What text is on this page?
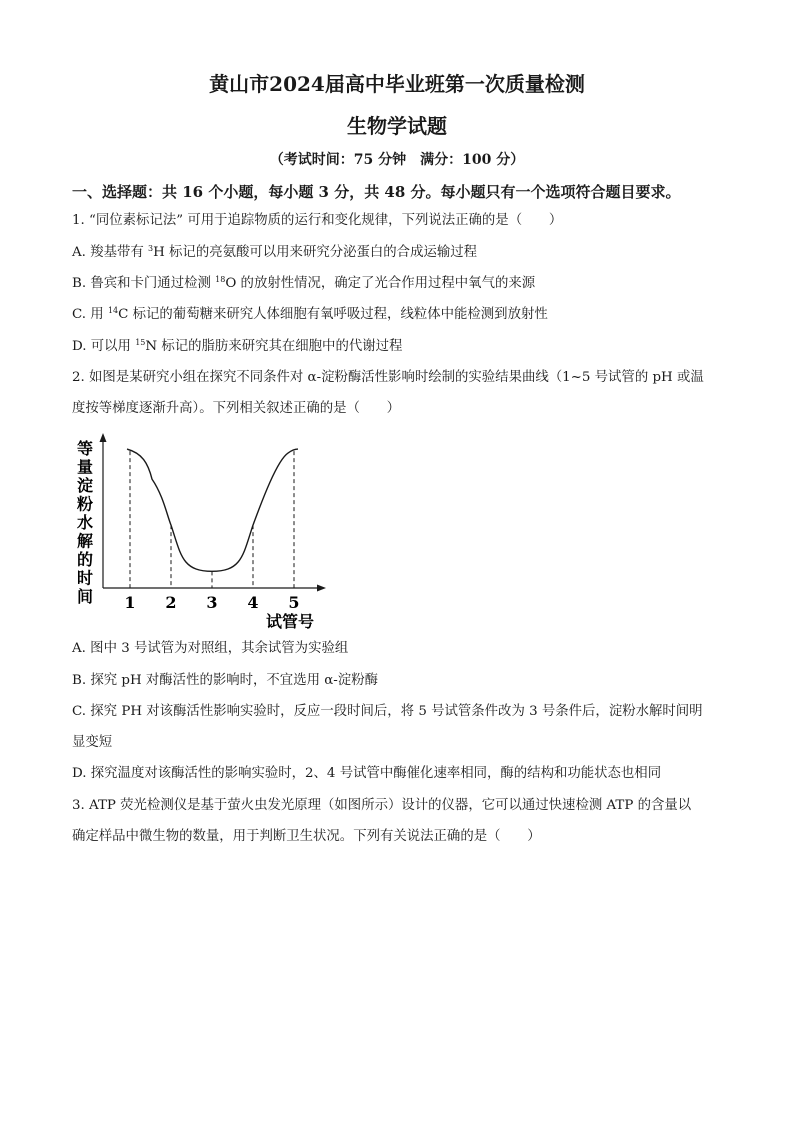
黄山市2024届高中毕业班第一次质量检测
生物学试题
（考试时间：75 分钟　满分：100 分）
一、选择题：共 16 个小题，每小题 3 分，共 48 分。每小题只有一个选项符合题目要求。
1. “同位素标记法” 可用于追踪物质的运行和变化规律，下列说法正确的是（　　）
A. 羧基带有 $^3$H 标记的亮氨酸可以用来研究分泌蛋白的合成运输过程
B. 鲁宾和卡门通过检测 $^{18}$O 的放射性情况，确定了光合作用过程中氧气的来源
C. 用 $^{14}$C 标记的葡萄糖来研究人体细胞有氧呼吸过程，线粒体中能检测到放射性
D. 可以用 $^{15}$N 标记的脂肪来研究其在细胞中的代谢过程
2. 如图是某研究小组在探究不同条件对 α-淀粉酶活性影响时绘制的实验结果曲线（1~5 号试管的 pH 或温
度按等梯度逐渐升高）。下列相关叙述正确的是（　　）
等
量
淀
粉
水
解
的
时
间 1 2 3 4 5
试管号
A. 图中 3 号试管为对照组，其余试管为实验组
B. 探究 pH 对酶活性的影响时，不宜选用 α-淀粉酶
C. 探究 PH 对该酶活性影响实验时，反应一段时间后，将 5 号试管条件改为 3 号条件后，淀粉水解时间明
显变短
D. 探究温度对该酶活性的影响实验时，2、4 号试管中酶催化速率相同，酶的结构和功能状态也相同
3. ATP 荧光检测仪是基于萤火虫发光原理（如图所示）设计的仪器，它可以通过快速检测 ATP 的含量以
确定样品中微生物的数量，用于判断卫生状况。下列有关说法正确的是（　　）
